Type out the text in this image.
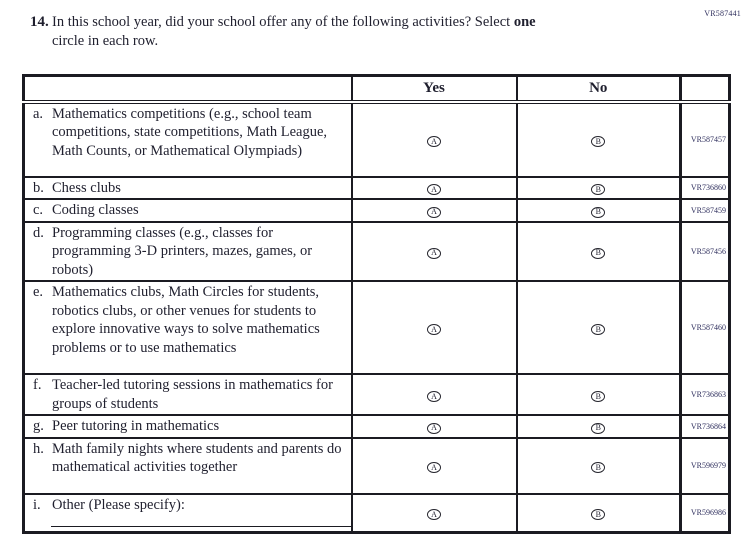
VR587441
14. In this school year, did your school offer any of the following activities? Select one
circle in each row.
	Yes	No	

a. Mathematics competitions (e.g., school team competitions, state competitions, Math League, Math Counts, or Mathematical Olympiads)	A	B	VR587457

b. Chess clubs	A	B	VR736860

c. Coding classes	A	B	VR587459

d. Programming classes (e.g., classes for programming 3-D printers, mazes, games, or robots)	A	B	VR587456

e. Mathematics clubs, Math Circles for students, robotics clubs, or other venues for students to explore innovative ways to solve mathematics problems or to use mathematics	A	B	VR587460

f. Teacher-led tutoring sessions in mathematics for groups of students	A	B	VR736863

g. Peer tutoring in mathematics	A	B	VR736864

h. Math family nights where students and parents do mathematical activities together	A	B	VR596979

i. Other (Please specify):	A	B	VR596986
